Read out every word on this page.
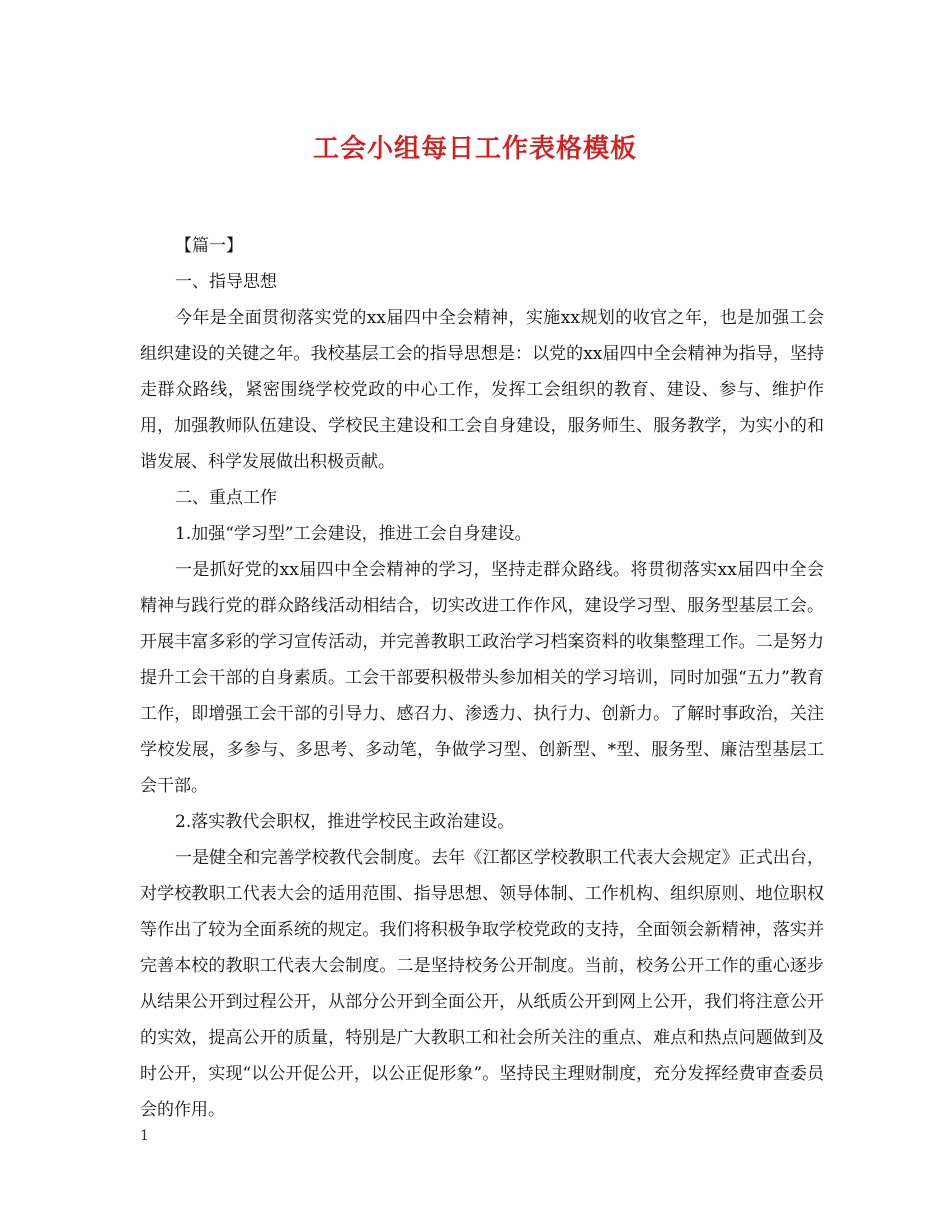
工会小组每日工作表格模板

【篇一】

一、指导思想

今年是全面贯彻落实党的xx届四中全会精神，实施xx规划的收官之年，也是加强工会组织建设的关键之年。我校基层工会的指导思想是：以党的xx届四中全会精神为指导，坚持走群众路线，紧密围绕学校党政的中心工作，发挥工会组织的教育、建设、参与、维护作用，加强教师队伍建设、学校民主建设和工会自身建设，服务师生、服务教学，为实小的和谐发展、科学发展做出积极贡献。

二、重点工作

1.加强“学习型”工会建设，推进工会自身建设。

一是抓好党的xx届四中全会精神的学习，坚持走群众路线。将贯彻落实xx届四中全会精神与践行党的群众路线活动相结合，切实改进工作作风，建设学习型、服务型基层工会。开展丰富多彩的学习宣传活动，并完善教职工政治学习档案资料的收集整理工作。二是努力提升工会干部的自身素质。工会干部要积极带头参加相关的学习培训，同时加强“五力”教育工作，即增强工会干部的引导力、感召力、渗透力、执行力、创新力。了解时事政治，关注学校发展，多参与、多思考、多动笔，争做学习型、创新型、*型、服务型、廉洁型基层工会干部。

2.落实教代会职权，推进学校民主政治建设。

一是健全和完善学校教代会制度。去年《江都区学校教职工代表大会规定》正式出台，对学校教职工代表大会的适用范围、指导思想、领导体制、工作机构、组织原则、地位职权等作出了较为全面系统的规定。我们将积极争取学校党政的支持，全面领会新精神，落实并完善本校的教职工代表大会制度。二是坚持校务公开制度。当前，校务公开工作的重心逐步从结果公开到过程公开，从部分公开到全面公开，从纸质公开到网上公开，我们将注意公开的实效，提高公开的质量，特别是广大教职工和社会所关注的重点、难点和热点问题做到及时公开，实现“以公开促公开，以公正促形象”。坚持民主理财制度，充分发挥经费审查委员会的作用。

1
